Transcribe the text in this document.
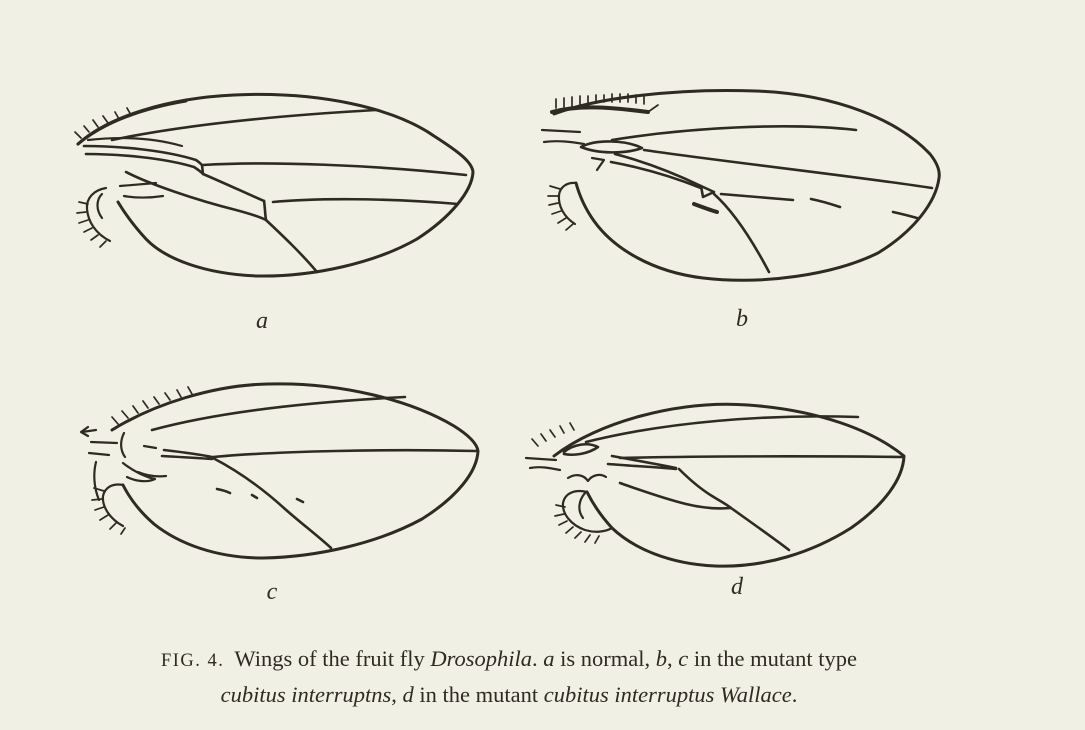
a	b
c	d
FIG. 4. Wings of the fruit fly Drosophila. a is normal, b, c in the mutant type
cubitus interruptns, d in the mutant cubitus interruptus Wallace.
